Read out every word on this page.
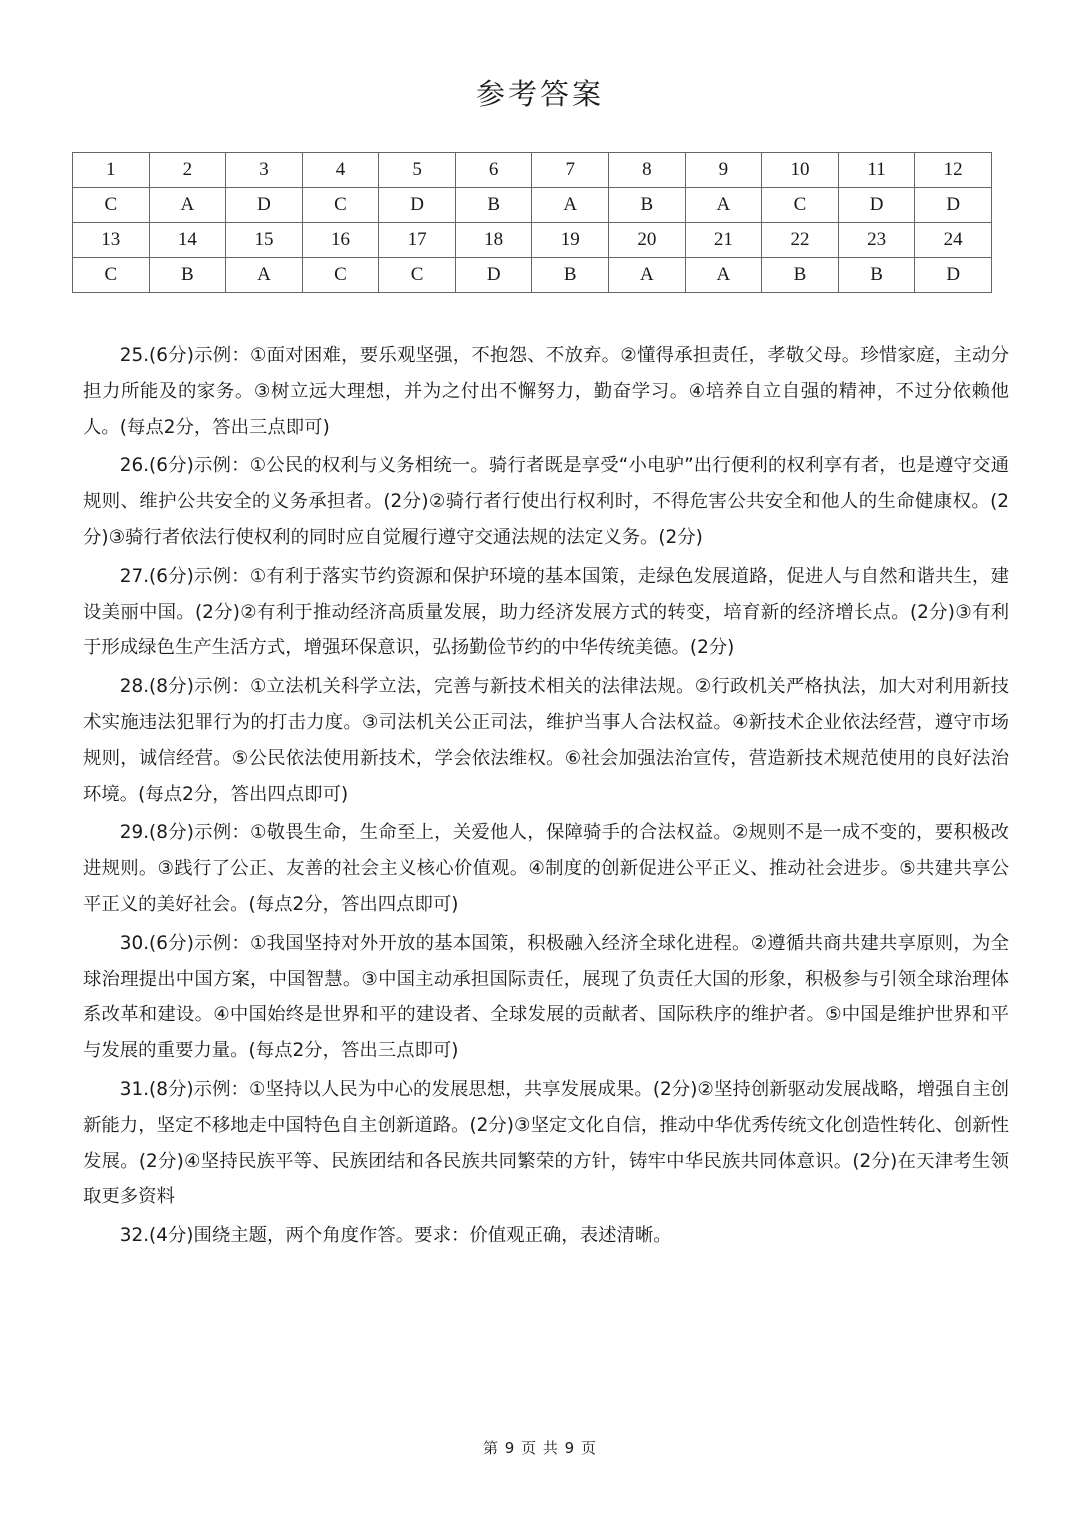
参考答案
1	2	3	4	5	6	7	8	9	10	11	12
C	A	D	C	D	B	A	B	A	C	D	D
13	14	15	16	17	18	19	20	21	22	23	24
C	B	A	C	C	D	B	A	A	B	B	D

25.(6分)示例：①面对困难，要乐观坚强，不抱怨、不放弃。②懂得承担责任，孝敬父母。珍惜家庭，主动分担力所能及的家务。③树立远大理想，并为之付出不懈努力，勤奋学习。④培养自立自强的精神，不过分依赖他人。(每点2分，答出三点即可)

26.(6分)示例：①公民的权利与义务相统一。骑行者既是享受“小电驴”出行便利的权利享有者，也是遵守交通规则、维护公共安全的义务承担者。(2分)②骑行者行使出行权利时，不得危害公共安全和他人的生命健康权。(2分)③骑行者依法行使权利的同时应自觉履行遵守交通法规的法定义务。(2分)

27.(6分)示例：①有利于落实节约资源和保护环境的基本国策，走绿色发展道路，促进人与自然和谐共生，建设美丽中国。(2分)②有利于推动经济高质量发展，助力经济发展方式的转变，培育新的经济增长点。(2分)③有利于形成绿色生产生活方式，增强环保意识，弘扬勤俭节约的中华传统美德。(2分)

28.(8分)示例：①立法机关科学立法，完善与新技术相关的法律法规。②行政机关严格执法，加大对利用新技术实施违法犯罪行为的打击力度。③司法机关公正司法，维护当事人合法权益。④新技术企业依法经营，遵守市场规则，诚信经营。⑤公民依法使用新技术，学会依法维权。⑥社会加强法治宣传，营造新技术规范使用的良好法治环境。(每点2分，答出四点即可)

29.(8分)示例：①敬畏生命，生命至上，关爱他人，保障骑手的合法权益。②规则不是一成不变的，要积极改进规则。③践行了公正、友善的社会主义核心价值观。④制度的创新促进公平正义、推动社会进步。⑤共建共享公平正义的美好社会。(每点2分，答出四点即可)

30.(6分)示例：①我国坚持对外开放的基本国策，积极融入经济全球化进程。②遵循共商共建共享原则，为全球治理提出中国方案，中国智慧。③中国主动承担国际责任，展现了负责任大国的形象，积极参与引领全球治理体系改革和建设。④中国始终是世界和平的建设者、全球发展的贡献者、国际秩序的维护者。⑤中国是维护世界和平与发展的重要力量。(每点2分，答出三点即可)

31.(8分)示例：①坚持以人民为中心的发展思想，共享发展成果。(2分)②坚持创新驱动发展战略，增强自主创新能力，坚定不移地走中国特色自主创新道路。(2分)③坚定文化自信，推动中华优秀传统文化创造性转化、创新性发展。(2分)④坚持民族平等、民族团结和各民族共同繁荣的方针，铸牢中华民族共同体意识。(2分)在天津考生领取更多资料

32.(4分)围绕主题，两个角度作答。要求：价值观正确，表述清晰。

第 9 页 共 9 页
